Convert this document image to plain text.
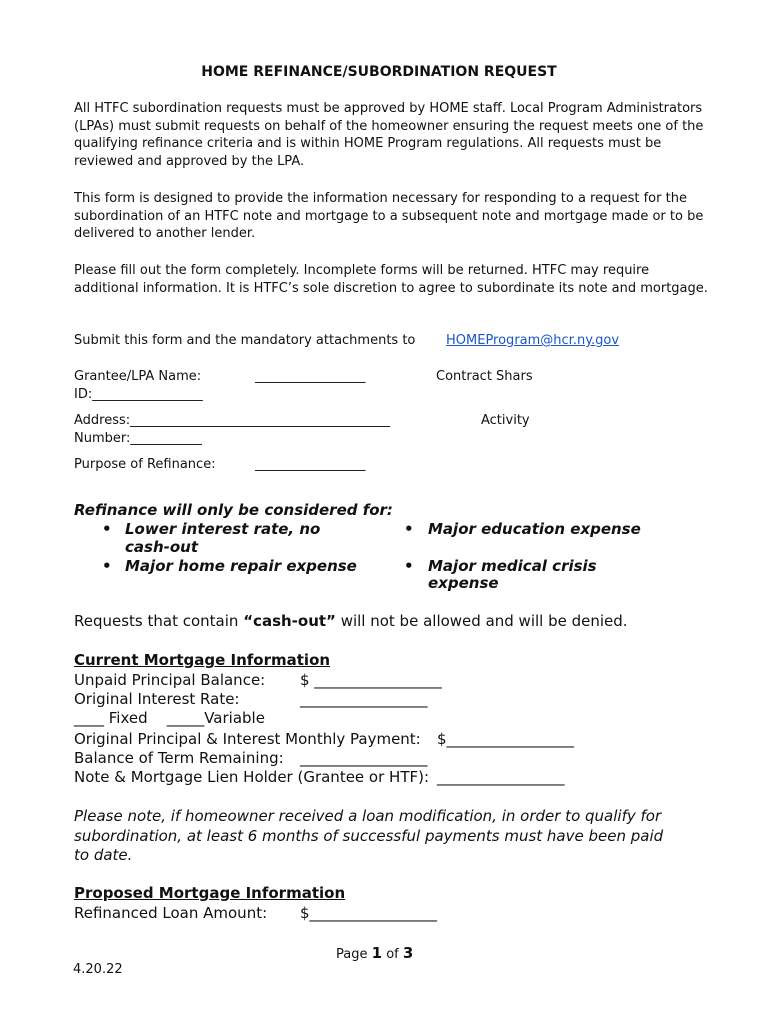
HOME REFINANCE/SUBORDINATION REQUEST
All HTFC subordination requests must be approved by HOME staff. Local Program Administrators (LPAs) must submit requests on behalf of the homeowner ensuring the request meets one of the qualifying refinance criteria and is within HOME Program regulations. All requests must be reviewed and approved by the LPA.
This form is designed to provide the information necessary for responding to a request for the subordination of an HTFC note and mortgage to a subsequent note and mortgage made or to be delivered to another lender.
Please fill out the form completely. Incomplete forms will be returned. HTFC may require additional information. It is HTFC’s sole discretion to agree to subordinate its note and mortgage.
Submit this form and the mandatory attachments to HOMEProgram@hcr.ny.gov
Grantee/LPA Name:	_________________	Contract Shars
ID:_________________
Address:________________________________________	Activity
Number:___________
Purpose of Refinance:	_________________
Refinance will only be considered for:
• Lower interest rate, no
cash-out
• Major home repair expense
• Major education expense
• Major medical crisis
expense
Requests that contain “cash-out” will not be allowed and will be denied.
Current Mortgage Information
Unpaid Principal Balance: $ _________________
Original Interest Rate:	_________________
____ Fixed    _____Variable
Original Principal & Interest Monthly Payment: $_________________
Balance of Term Remaining: _________________
Note & Mortgage Lien Holder (Grantee or HTF): _________________
Please note, if homeowner received a loan modification, in order to qualify for subordination, at least 6 months of successful payments must have been paid to date.
Proposed Mortgage Information
Refinanced Loan Amount: $_________________
Page 1 of 3
4.20.22
